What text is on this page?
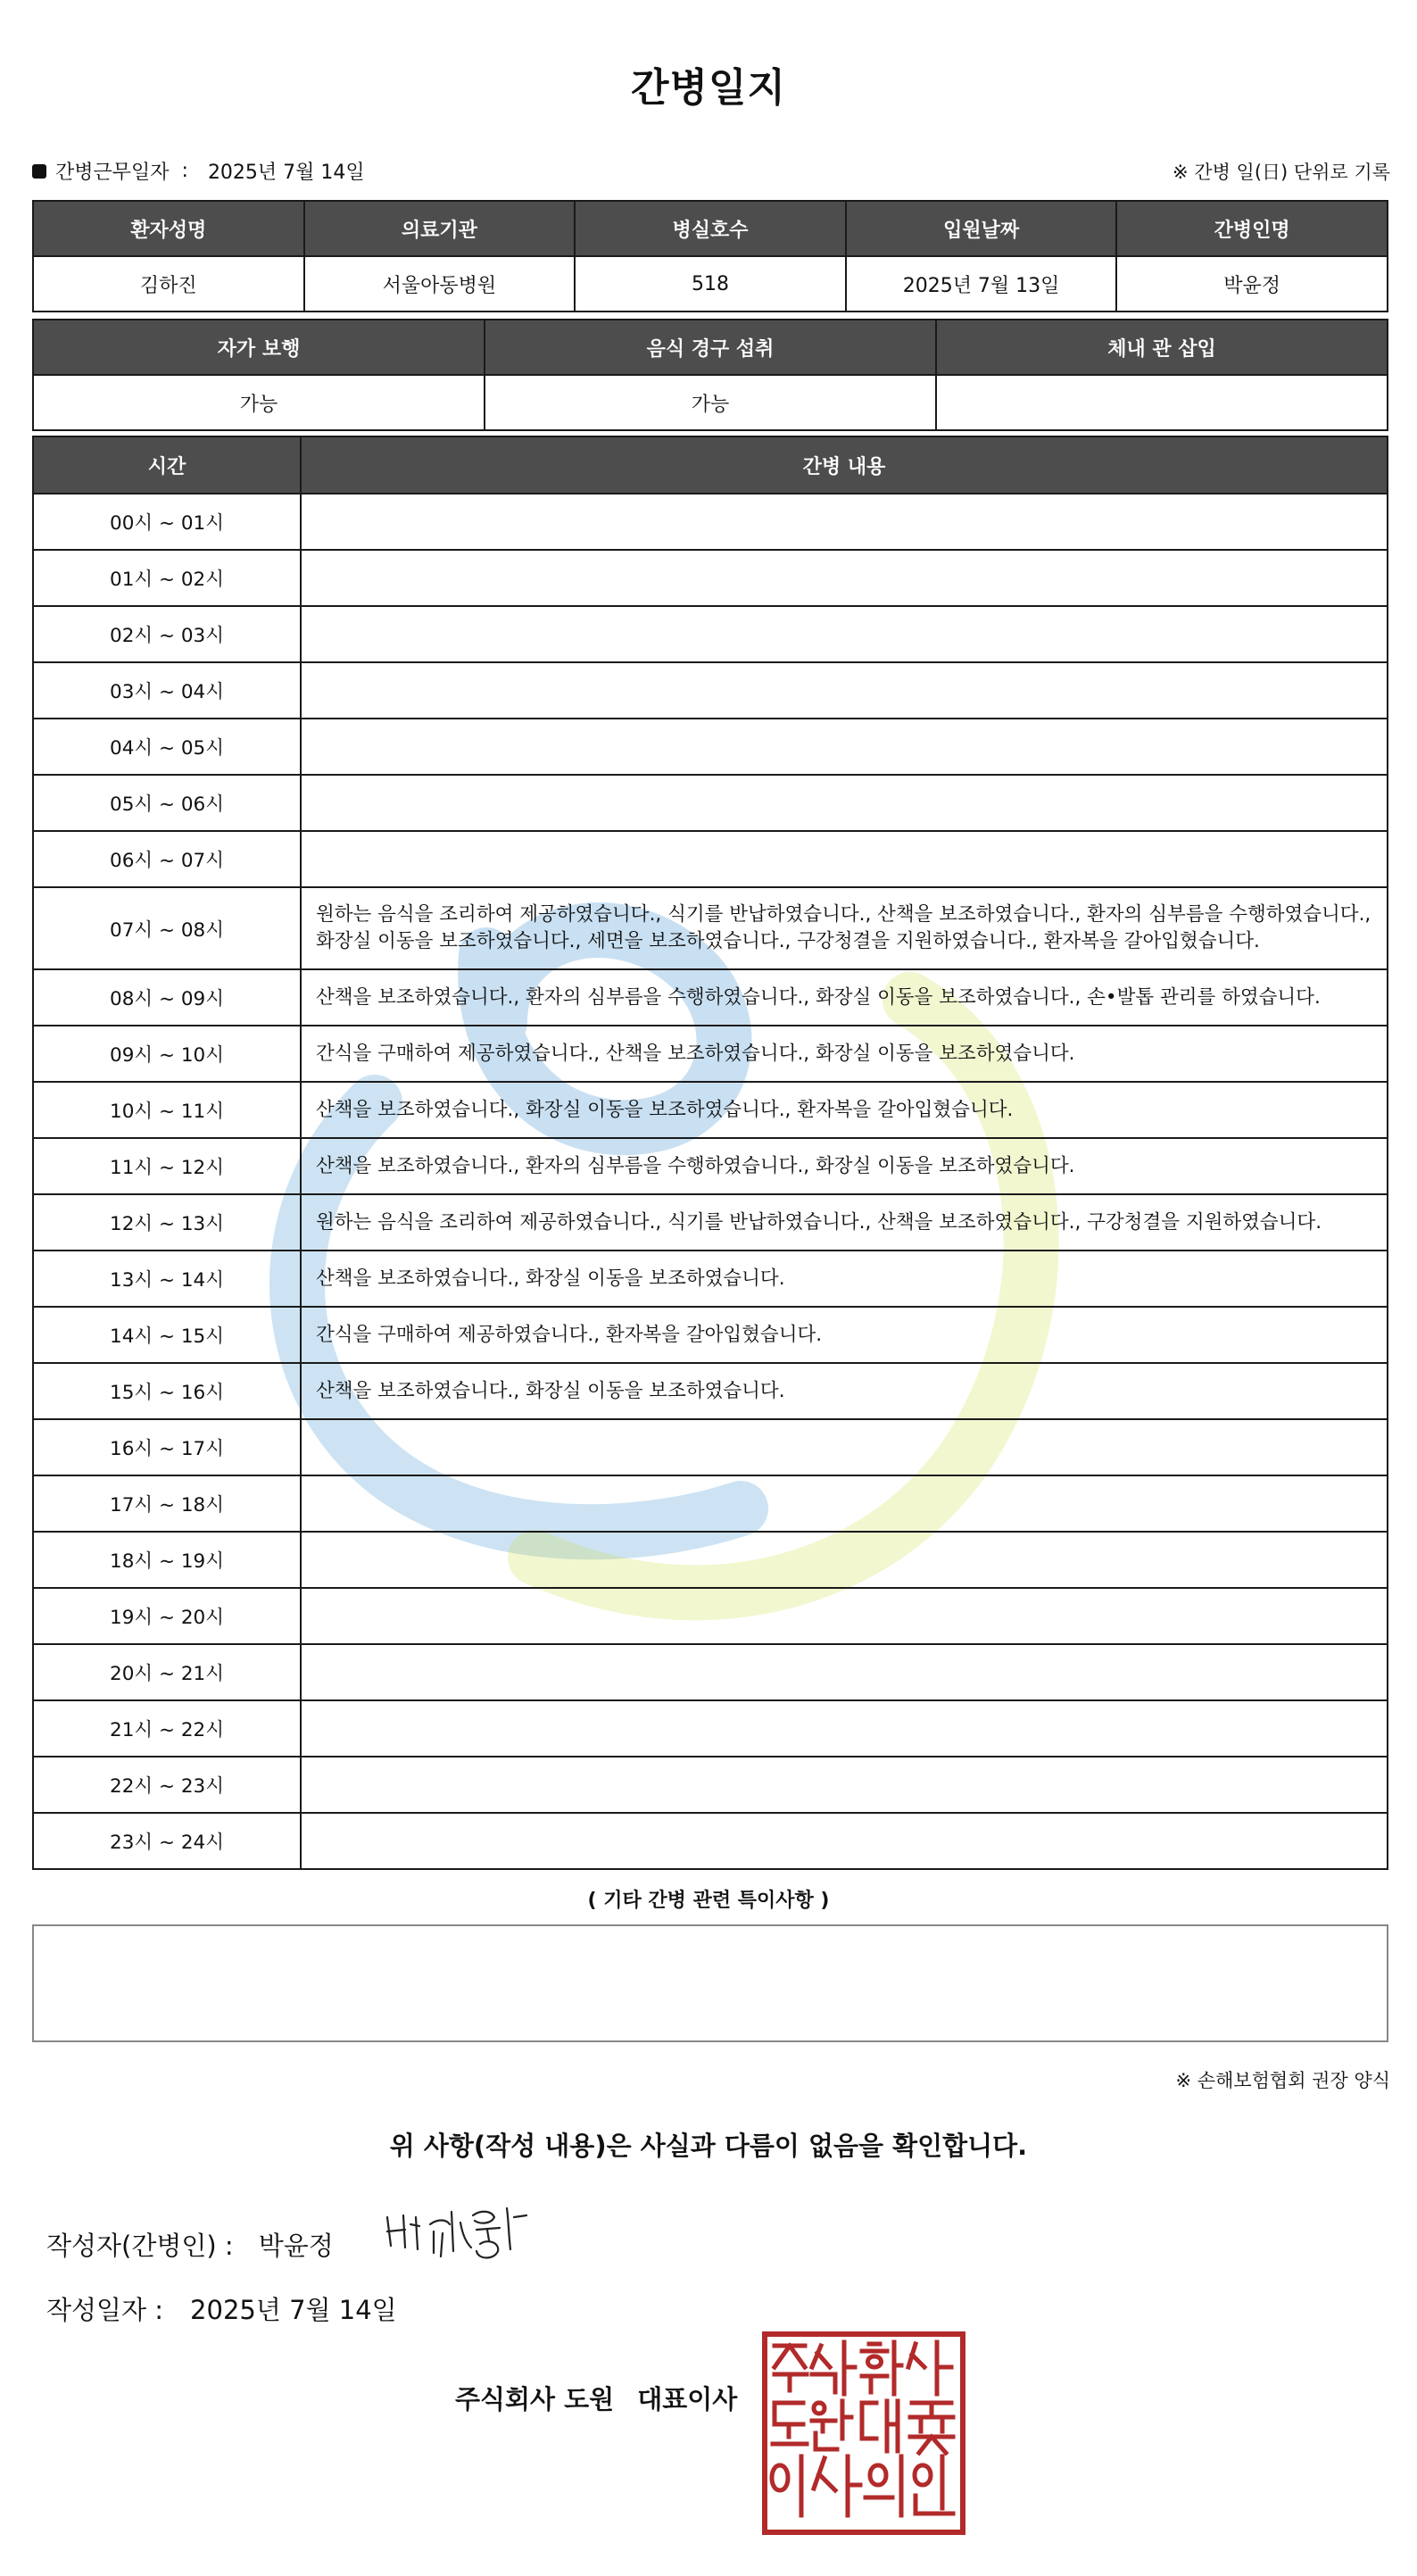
간병일지
간병근무일자 : 2025년 7월 14일	※ 간병 일(日) 단위로 기록
환자성명	의료기관	병실호수	입원날짜	간병인명
김하진	서울아동병원	518	2025년 7월 13일	박윤정
자가 보행	음식 경구 섭취	체내 관 삽입
가능	가능	
시간	간병 내용
00시 ~ 01시	
01시 ~ 02시	
02시 ~ 03시	
03시 ~ 04시	
04시 ~ 05시	
05시 ~ 06시	
06시 ~ 07시	
07시 ~ 08시	원하는 음식을 조리하여 제공하였습니다., 식기를 반납하였습니다., 산책을 보조하였습니다., 환자의 심부름을 수행하였습니다., 화장실 이동을 보조하였습니다., 세면을 보조하였습니다., 구강청결을 지원하였습니다., 환자복을 갈아입혔습니다.
08시 ~ 09시	산책을 보조하였습니다., 환자의 심부름을 수행하였습니다., 화장실 이동을 보조하였습니다., 손•발톱 관리를 하였습니다.
09시 ~ 10시	간식을 구매하여 제공하였습니다., 산책을 보조하였습니다., 화장실 이동을 보조하였습니다.
10시 ~ 11시	산책을 보조하였습니다., 화장실 이동을 보조하였습니다., 환자복을 갈아입혔습니다.
11시 ~ 12시	산책을 보조하였습니다., 환자의 심부름을 수행하였습니다., 화장실 이동을 보조하였습니다.
12시 ~ 13시	원하는 음식을 조리하여 제공하였습니다., 식기를 반납하였습니다., 산책을 보조하였습니다., 구강청결을 지원하였습니다.
13시 ~ 14시	산책을 보조하였습니다., 화장실 이동을 보조하였습니다.
14시 ~ 15시	간식을 구매하여 제공하였습니다., 환자복을 갈아입혔습니다.
15시 ~ 16시	산책을 보조하였습니다., 화장실 이동을 보조하였습니다.
16시 ~ 17시	
17시 ~ 18시	
18시 ~ 19시	
19시 ~ 20시	
20시 ~ 21시	
21시 ~ 22시	
22시 ~ 23시	
23시 ~ 24시	
( 기타 간병 관련 특이사항 )
※ 손해보험협회 권장 양식
위 사항(작성 내용)은 사실과 다름이 없음을 확인합니다.
작성자(간병인) : 박윤정
작성일자 : 2025년 7월 14일
주식회사 도원 대표이사
